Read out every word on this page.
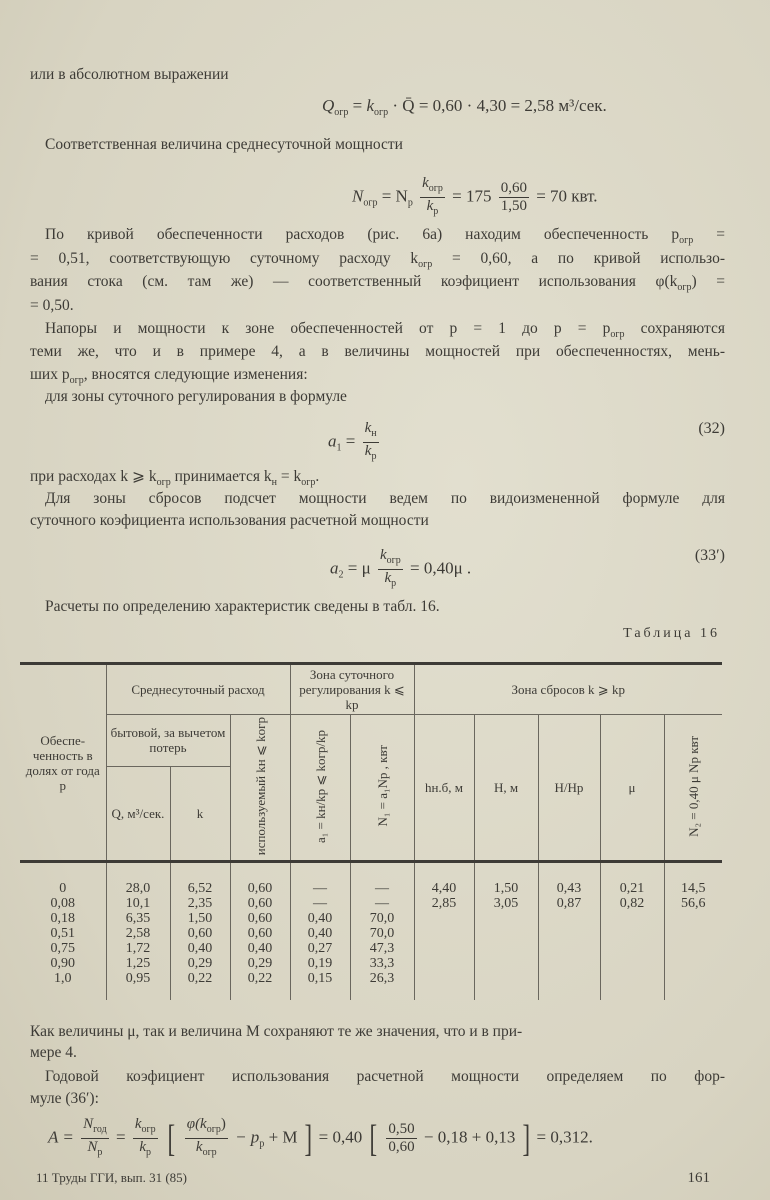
или в абсолютном выражении
$Q_{огр} = k_{огр}$ · Q̄ = 0,60 · 4,30 = 2,58 м³/сек.
Соответственная величина среднесуточной мощности
$N_{огр} = N_р \frac{k_{огр}}{k_р} = 175 \frac{0,60}{1,50} = 70$ квт.
По кривой обеспеченности расходов (рис. 6a) находим обеспеченность $p_{огр}$ =
= 0,51, соответствующую суточному расходу $k_{огр} = 0,60$, а по кривой использо-
вания стока (см. там же) — соответственный коэфициент использования $\varphi(k_{огр})$ =
= 0,50.
Напоры и мощности к зоне обеспеченностей от p = 1 до $p = p_{огр}$ сохраняются
теми же, что и в примере 4, а в величины мощностей при обеспеченностях, мень-
ших $p_{огр}$, вносятся следующие изменения:
для зоны суточного регулирования в формуле
$a_1 = \frac{k_н}{k_р}$	(32)
при расходах k ⩾ $k_{огр}$ принимается $k_н = k_{огр}$.
Для зоны сбросов подсчет мощности ведем по видоизмененной формуле для
суточного коэфициента использования расчетной мощности
$a_2 = \mu \frac{k_{огр}}{k_р} = 0,40\mu$ .
(33′)
Расчеты по определению характеристик сведены в табл. 16.
Таблица 16
Обеспе-ченность в долях от года p	Среднесуточный расход			Зона суточного регулирования k ⩽ kр		Зона сбросов k ⩾ kр				
	бытовой, за вычетом потерь		используемый kн ⩽ kогр	a₁ = kн/kр ⩽ kогр/kр	N₁ = a₁Nр , квт	hн.б, м	H, м	H/Hр	μ	N₂ = 0,40 μ Nр квт
	Q, м³/сек.	k								
0	28,0	6,52	0,60	—	—	4,40	1,50	0,43	0,21	14,5
0,08	10,1	2,35	0,60	—	—	2,85	3,05	0,87	0,82	56,6
0,18	6,35	1,50	0,60	0,40	70,0					
0,51	2,58	0,60	0,60	0,40	70,0					
0,75	1,72	0,40	0,40	0,27	47,3					
0,90	1,25	0,29	0,29	0,19	33,3					
1,0	0,95	0,22	0,22	0,15	26,3					
Как величины μ, так и величина M сохраняют те же значения, что и в при-
мере 4.
Годовой коэфициент использования расчетной мощности определяем по фор-
муле (36′):
$A = \frac{N_{год}}{N_р} = \frac{k_{огр}}{k_р}$ [ $\frac{\varphi(k_{огр})}{k_{огр}} - p_р + M$ ] = 0,40 [ $\frac{0,50}{0,60} - 0,18 + 0,13$ ] = 0,312.
11 Труды ГГИ, вып. 31 (85)	161
